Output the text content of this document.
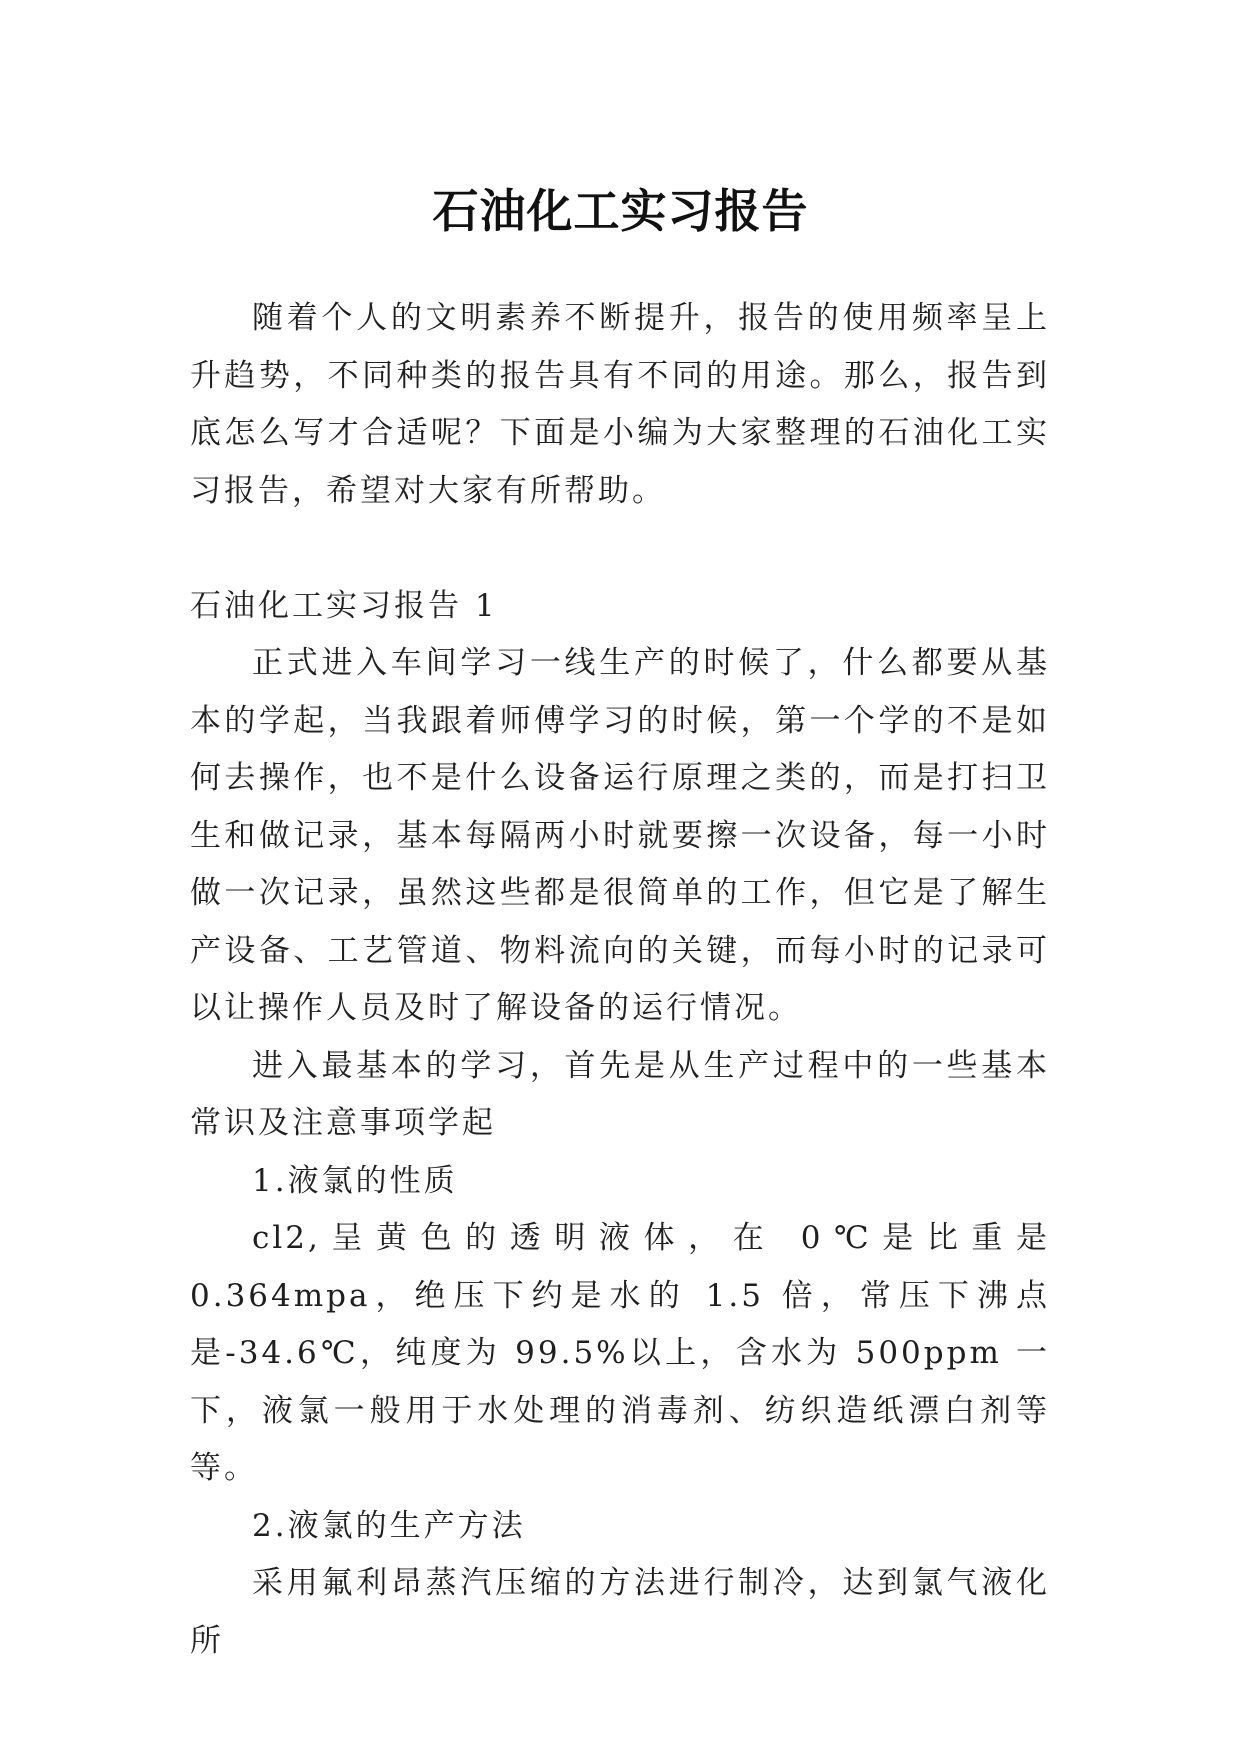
石油化工实习报告

随着个人的文明素养不断提升，报告的使用频率呈上升趋势，不同种类的报告具有不同的用途。那么，报告到底怎么写才合适呢？下面是小编为大家整理的石油化工实习报告，希望对大家有所帮助。

石油化工实习报告 1

正式进入车间学习一线生产的时候了，什么都要从基本的学起，当我跟着师傅学习的时候，第一个学的不是如何去操作，也不是什么设备运行原理之类的，而是打扫卫生和做记录，基本每隔两小时就要擦一次设备，每一小时做一次记录，虽然这些都是很简单的工作，但它是了解生产设备、工艺管道、物料流向的关键，而每小时的记录可以让操作人员及时了解设备的运行情况。

进入最基本的学习，首先是从生产过程中的一些基本常识及注意事项学起

1.液氯的性质

cl2,呈黄色的透明液体，在 0℃是比重是 0.364mpa，绝压下约是水的 1.5 倍，常压下沸点是-34.6℃，纯度为 99.5%以上，含水为 500ppm 一下，液氯一般用于水处理的消毒剂、纺织造纸漂白剂等等。

2.液氯的生产方法

采用氟利昂蒸汽压缩的方法进行制冷，达到氯气液化所
